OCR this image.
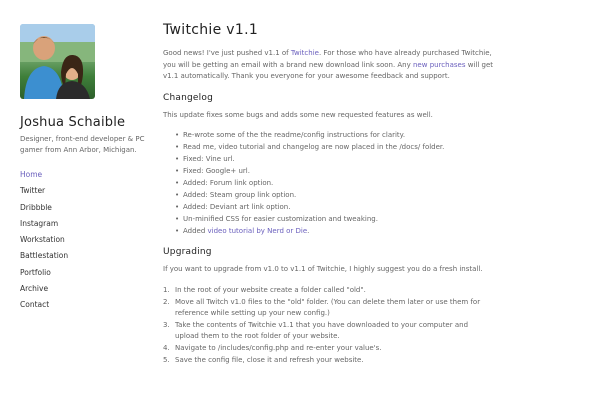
Joshua Schaible
Designer, front-end developer & PC gamer from Ann Arbor, Michigan.
Home
Twitter
Dribbble
Instagram
Workstation
Battlestation
Portfolio
Archive
Contact
Twitchie v1.1

Good news! I've just pushed v1.1 of Twitchie. For those who have already purchased Twitchie, you will be getting an email with a brand new download link soon. Any new purchases will get v1.1 automatically. Thank you everyone for your awesome feedback and support.

Changelog

This update fixes some bugs and adds some new requested features as well.

• Re-wrote some of the the readme/config instructions for clarity.
• Read me, video tutorial and changelog are now placed in the /docs/ folder.
• Fixed: Vine url.
• Fixed: Google+ url.
• Added: Forum link option.
• Added: Steam group link option.
• Added: Deviant art link option.
• Un-minified CSS for easier customization and tweaking.
• Added video tutorial by Nerd or Die.
Upgrading

If you want to upgrade from v1.0 to v1.1 of Twitchie, I highly suggest you do a fresh install.

1. In the root of your website create a folder called "old".
2. Move all Twitch v1.0 files to the "old" folder. (You can delete them later or use them for reference while setting up your new config.)
3. Take the contents of Twitchie v1.1 that you have downloaded to your computer and upload them to the root folder of your website.
4. Navigate to /includes/config.php and re-enter your value's.
5. Save the config file, close it and refresh your website.
